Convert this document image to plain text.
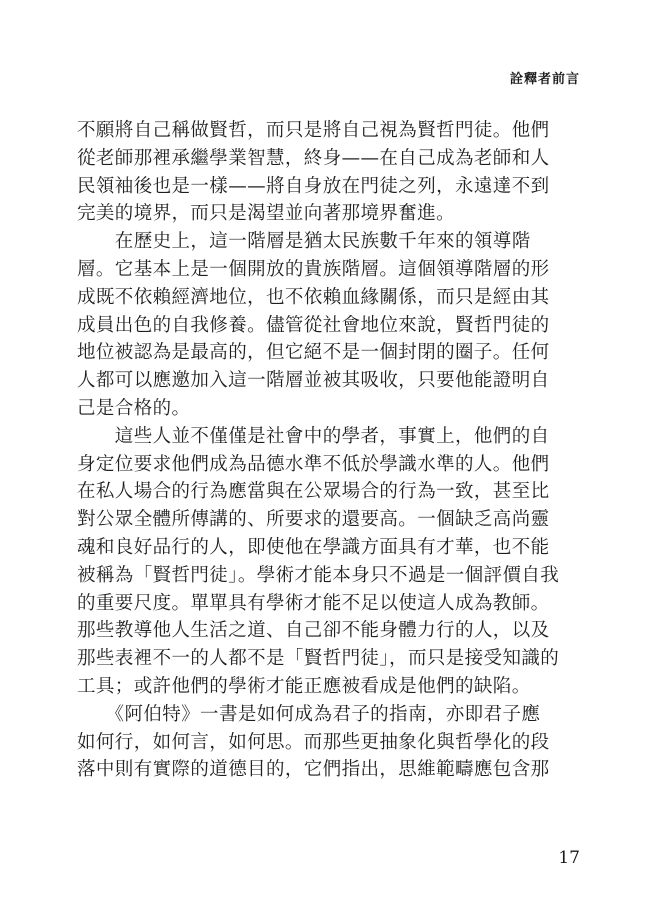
詮釋者前言
不願將自己稱做賢哲，而只是將自己視為賢哲門徒。他們
從老師那裡承繼學業智慧，終身——在自己成為老師和人
民領袖後也是一樣——將自身放在門徒之列，永遠達不到
完美的境界，而只是渴望並向著那境界奮進。
　　在歷史上，這一階層是猶太民族數千年來的領導階
層。它基本上是一個開放的貴族階層。這個領導階層的形
成既不依賴經濟地位，也不依賴血緣關係，而只是經由其
成員出色的自我修養。儘管從社會地位來說，賢哲門徒的
地位被認為是最高的，但它絕不是一個封閉的圈子。任何
人都可以應邀加入這一階層並被其吸收，只要他能證明自
己是合格的。
　　這些人並不僅僅是社會中的學者，事實上，他們的自
身定位要求他們成為品德水準不低於學識水準的人。他們
在私人場合的行為應當與在公眾場合的行為一致，甚至比
對公眾全體所傳講的、所要求的還要高。一個缺乏高尚靈
魂和良好品行的人，即使他在學識方面具有才華，也不能
被稱為「賢哲門徒」。學術才能本身只不過是一個評價自我
的重要尺度。單單具有學術才能不足以使這人成為教師。
那些教導他人生活之道、自己卻不能身體力行的人，以及
那些表裡不一的人都不是「賢哲門徒」，而只是接受知識的
工具；或許他們的學術才能正應被看成是他們的缺陷。
　　《阿伯特》一書是如何成為君子的指南，亦即君子應
如何行，如何言，如何思。而那些更抽象化與哲學化的段
落中則有實際的道德目的，它們指出，思維範疇應包含那
17
